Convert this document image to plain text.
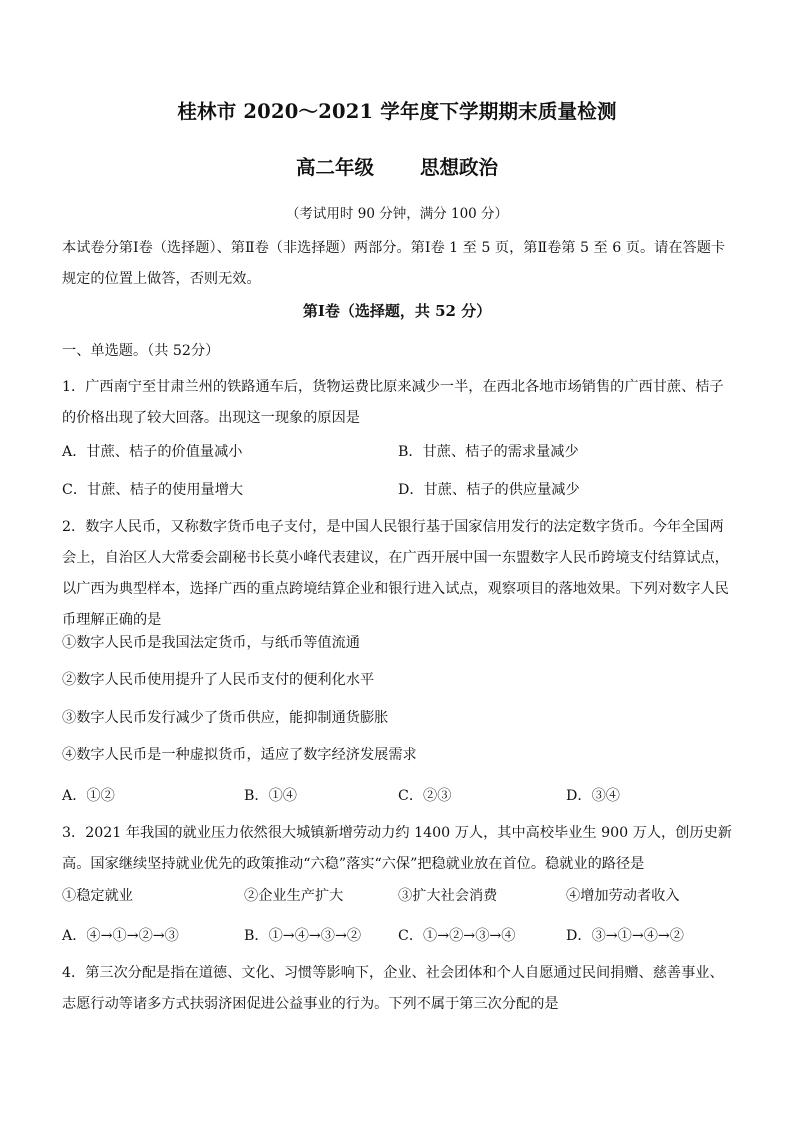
桂林市 2020～2021 学年度下学期期末质量检测
高二年级 思想政治
（考试用时 90 分钟，满分 100 分）
本试卷分第Ⅰ卷（选择题）、第Ⅱ卷（非选择题）两部分。第Ⅰ卷 1 至 5 页，第Ⅱ卷第 5 至 6 页。请在答题卡规定的位置上做答，否则无效。
第Ⅰ卷（选择题，共 52 分）
一、单选题。（共 52分）
1．广西南宁至甘肃兰州的铁路通车后，货物运费比原来减少一半，在西北各地市场销售的广西甘蔗、桔子的价格出现了较大回落。出现这一现象的原因是
A．甘蔗、桔子的价值量减小	B．甘蔗、桔子的需求量减少
C．甘蔗、桔子的使用量增大	D．甘蔗、桔子的供应量减少
2．数字人民币，又称数字货币电子支付，是中国人民银行基于国家信用发行的法定数字货币。今年全国两会上，自治区人大常委会副秘书长莫小峰代表建议，在广西开展中国一东盟数字人民币跨境支付结算试点，以广西为典型样本，选择广西的重点跨境结算企业和银行进入试点，观察项目的落地效果。下列对数字人民币理解正确的是
①数字人民币是我国法定货币，与纸币等值流通
②数字人民币使用提升了人民币支付的便利化水平
③数字人民币发行减少了货币供应，能抑制通货膨胀
④数字人民币是一种虚拟货币，适应了数字经济发展需求
A．①②	B．①④	C．②③	D．③④
3．2021 年我国的就业压力依然很大城镇新增劳动力约 1400 万人，其中高校毕业生 900 万人，创历史新高。国家继续坚持就业优先的政策推动“六稳”落实“六保”把稳就业放在首位。稳就业的路径是
①稳定就业	②企业生产扩大	③扩大社会消费	④增加劳动者收入
A．④→①→②→③	B．①→④→③→②	C．①→②→③→④	D．③→①→④→②
4．第三次分配是指在道德、文化、习惯等影响下，企业、社会团体和个人自愿通过民间捐赠、慈善事业、志愿行动等诸多方式扶弱济困促进公益事业的行为。下列不属于第三次分配的是
